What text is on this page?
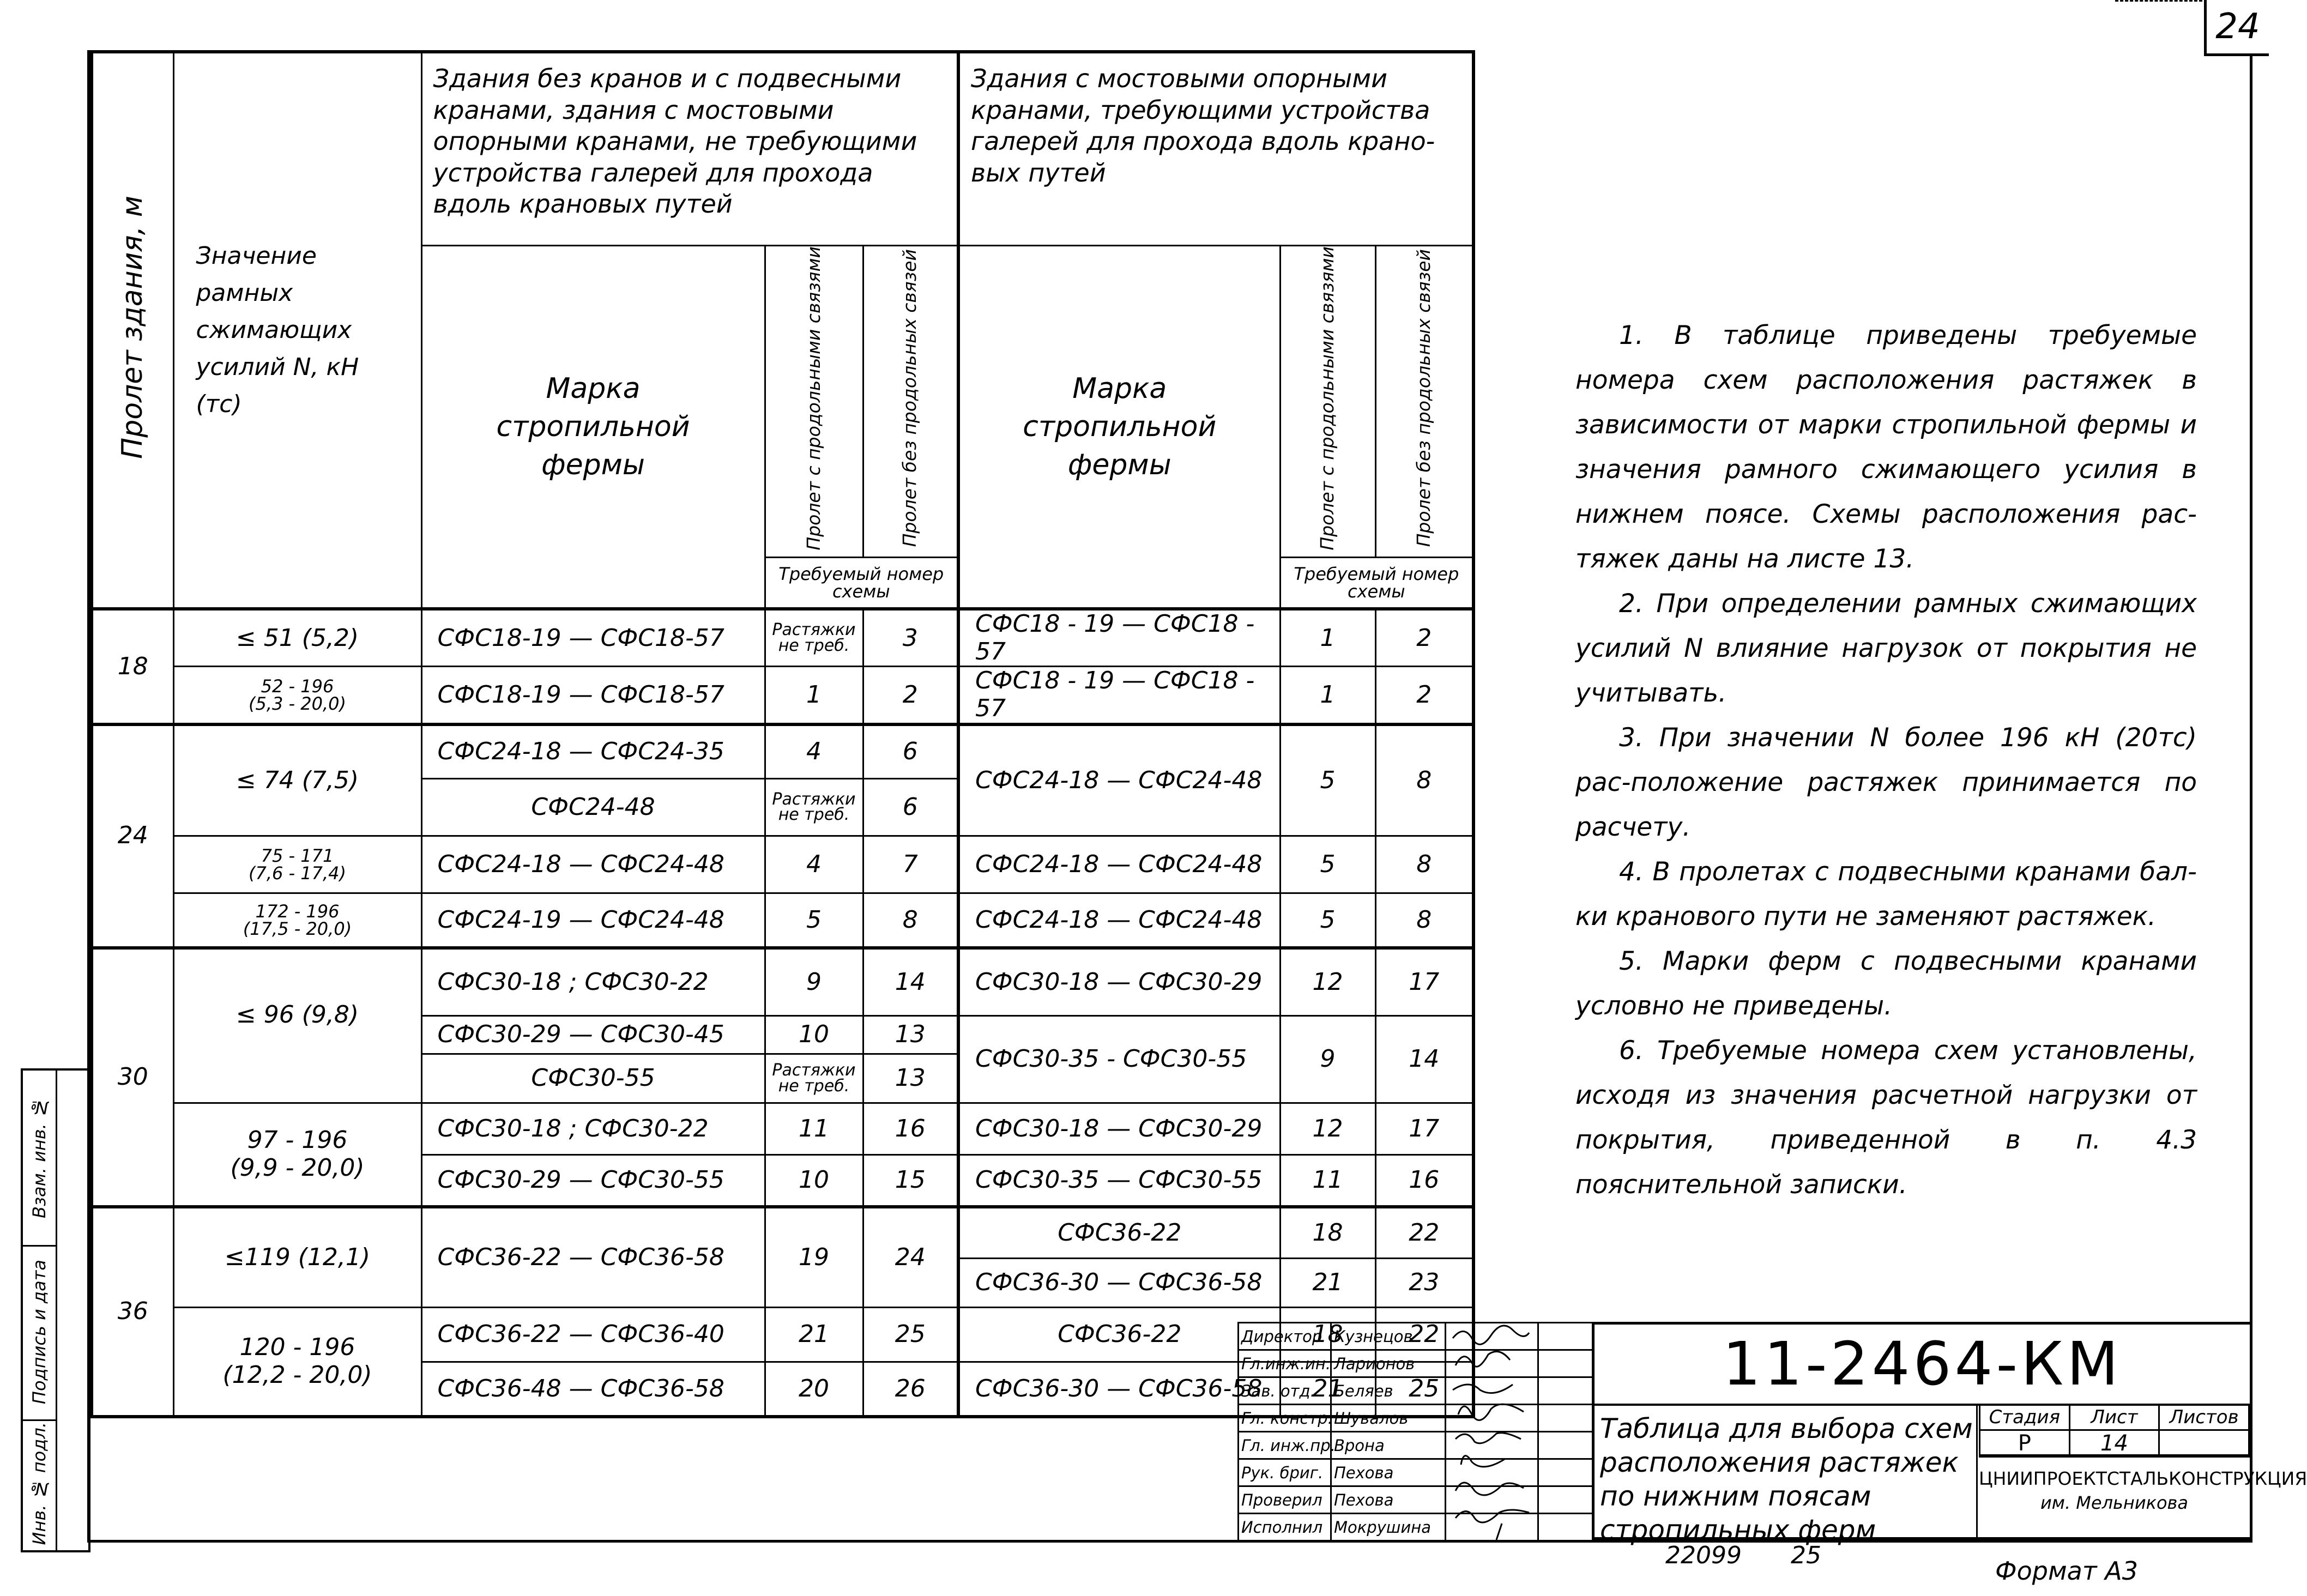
24
Пролет здания, м	Значение рамных сжимающих усилий N, кН (тс)	Здания без кранов и с подвесными кранами, здания с мостовыми опорными кранами, не требующими устройства галерей для прохода вдоль крановых путей			Здания с мостовыми опорными кранами, требующими устройства галерей для прохода вдоль крано-вых путей		
		Марка стропильной фермы	Пролет с продольными связями	Пролет без продольных связей	Марка стропильной фермы	Пролет с продольными связями	Пролет без продольных связей
			Требуемый номер схемы			Требуемый номер схемы	
18	≤ 51 (5,2)	СФС18-19 — СФС18-57	Растяжки не треб.	3	СФС18 - 19 — СФС18 - 57	1	2
	52 - 196
(5,3 - 20,0)	СФС18-19 — СФС18-57	1	2	СФС18 - 19 — СФС18 - 57	1	2
24	≤ 74 (7,5)	СФС24-18 — СФС24-35	4	6	СФС24-18 — СФС24-48	5	8
		СФС24-48	Растяжки не треб.	6			
	75 - 171
(7,6 - 17,4)	СФС24-18 — СФС24-48	4	7	СФС24-18 — СФС24-48	5	8
	172 - 196
(17,5 - 20,0)	СФС24-19 — СФС24-48	5	8	СФС24-18 — СФС24-48	5	8
30	≤ 96 (9,8)	СФС30-18 ; СФС30-22	9	14	СФС30-18 — СФС30-29	12	17
		СФС30-29 — СФС30-45	10	13	СФС30-35 - СФС30-55	9	14
		СФС30-55	Растяжки не треб.	13			
	97 - 196
(9,9 - 20,0)	СФС30-18 ; СФС30-22	11	16	СФС30-18 — СФС30-29	12	17
		СФС30-29 — СФС30-55	10	15	СФС30-35 — СФС30-55	11	16
36	≤119 (12,1)	СФС36-22 — СФС36-58	19	24	СФС36-22	18	22
					СФС36-30 — СФС36-58	21	23
	120 - 196
(12,2 - 20,0)	СФС36-22 — СФС36-40	21	25	СФС36-22	18	22
		СФС36-48 — СФС36-58	20	26	СФС36-30 — СФС36-58	21	25

1. В таблице приведены требуемые номера схем расположения растяжек в зависимости от марки стропильной фермы и значения рамного сжимающего усилия в нижнем поясе. Схемы расположения рас-тяжек даны на листе 13.

2. При определении рамных сжимающих усилий N влияние нагрузок от покрытия не учитывать.

3. При значении N более 196 кН (20тс) рас-положение растяжек принимается по расчету.

4. В пролетах с подвесными кранами бал-ки кранового пути не заменяют растяжек.

5. Марки ферм с подвесными кранами условно не приведены.

6. Требуемые номера схем установлены, исходя из значения расчетной нагрузки от покрытия, приведенной в п. 4.3 пояснительной записки.

Взам. инв. №
Подпись и дата
Инв. № подл.
Директор	Кузнецов		
Гл.инж.ин.	Ларионов		
Зав. отд.	Беляев		
Гл. констр.	Шувалов		
Гл. инж.пр.	Врона		
Рук. бриг.	Пехова		
Проверил	Пехова		
Исполнил	Мокрушина		
11-2464-КМ
Таблица для выбора схем расположения растяжек по нижним поясам стропильных ферм
Стадия	Лист	Листов
Р	14	
ЦНИИПРОЕКТСТАЛЬКОНСТРУКЦИЯ
им. Мельникова
22099 25
Формат А3
